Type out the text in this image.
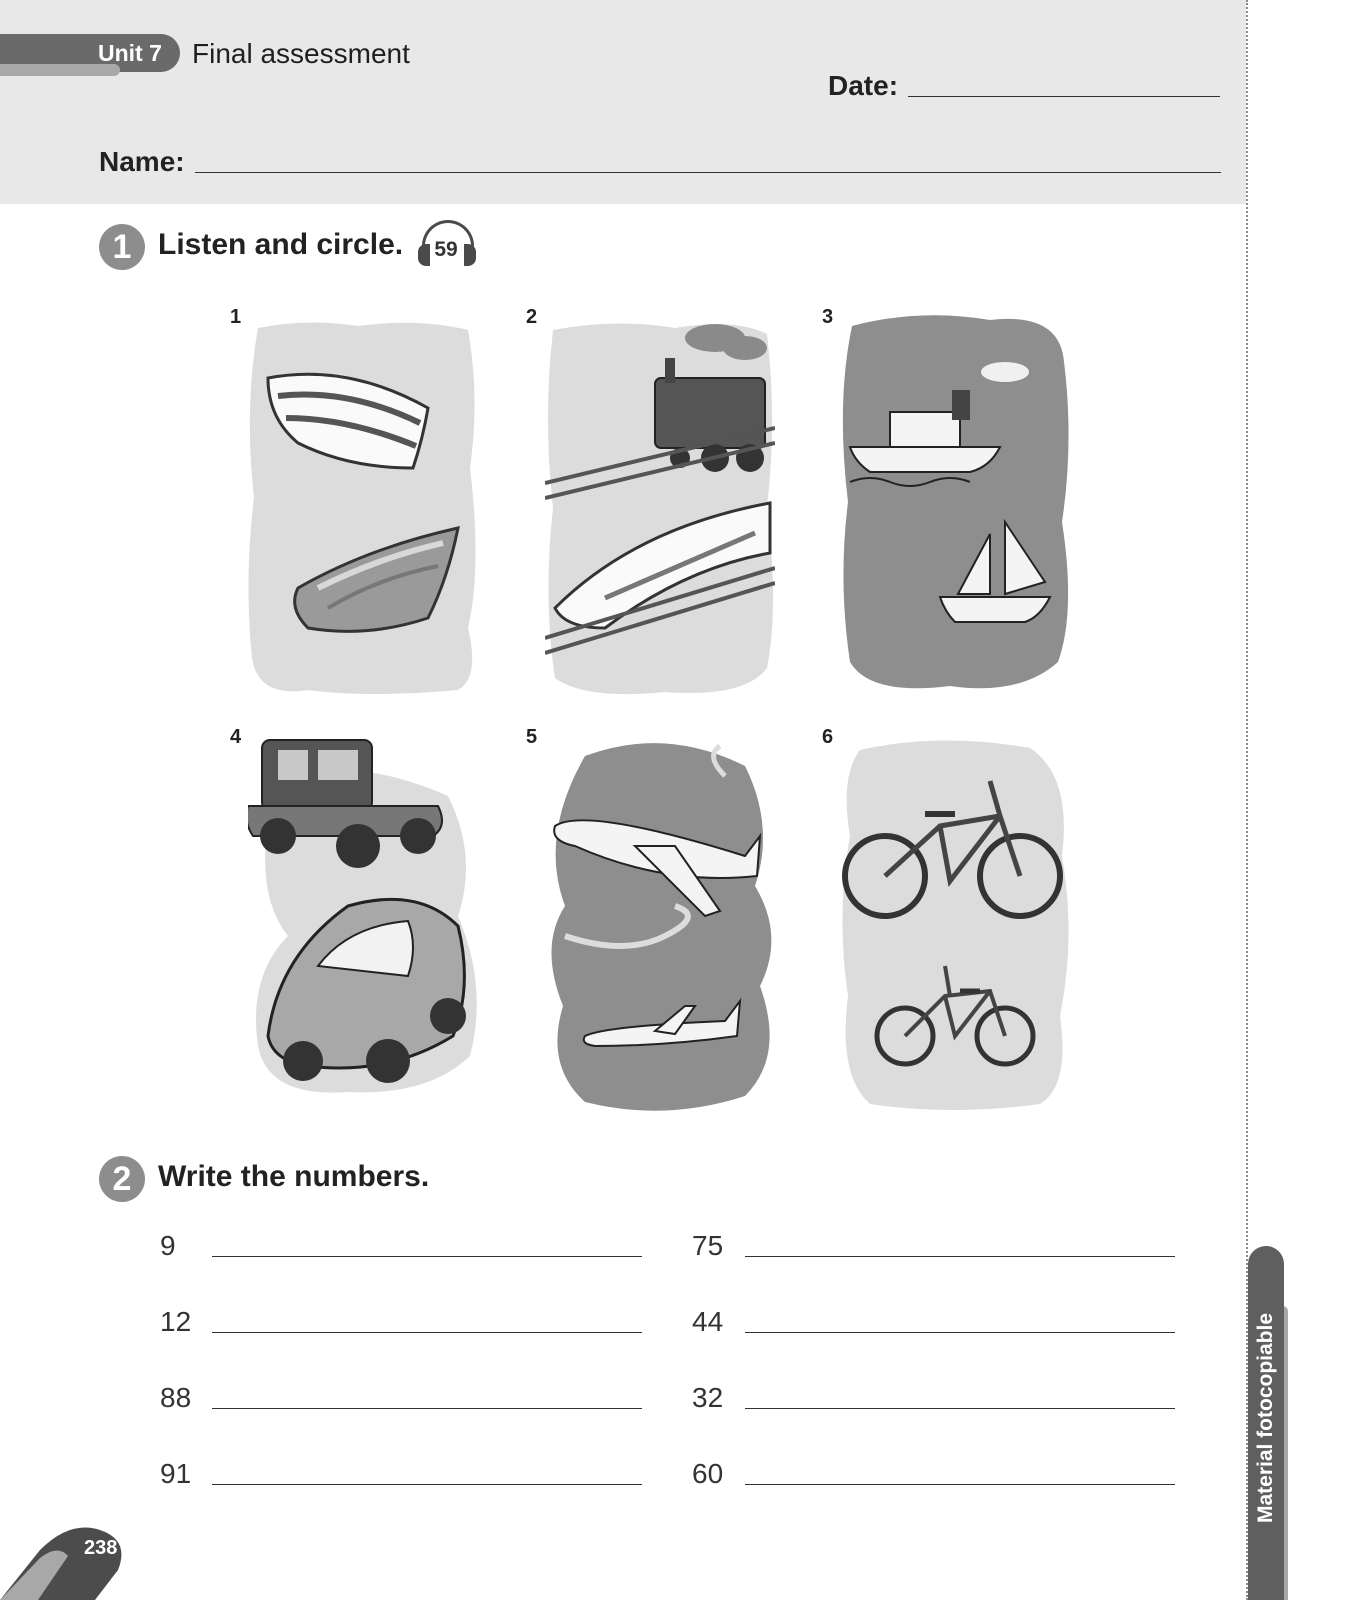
Unit 7 Final assessment
Date:
Name:
1 Listen and circle. 59
1	2	3
4	5	6
2 Write the numbers.
9
12
88
91
75
44
32
60	Material fotocopiable
238
